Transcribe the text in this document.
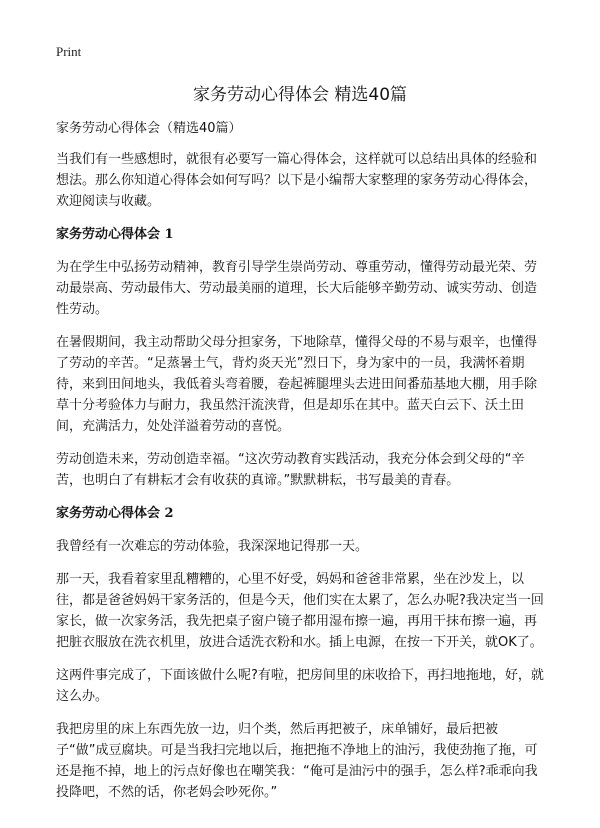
Print
家务劳动心得体会 精选40篇

家务劳动心得体会（精选40篇）

当我们有一些感想时，就很有必要写一篇心得体会，这样就可以总结出具体的经验和想法。那么你知道心得体会如何写吗？以下是小编帮大家整理的家务劳动心得体会，欢迎阅读与收藏。

家务劳动心得体会 1

为在学生中弘扬劳动精神，教育引导学生崇尚劳动、尊重劳动，懂得劳动最光荣、劳动最崇高、劳动最伟大、劳动最美丽的道理，长大后能够辛勤劳动、诚实劳动、创造性劳动。

在暑假期间，我主动帮助父母分担家务，下地除草，懂得父母的不易与艰辛，也懂得了劳动的辛苦。“足蒸暑土气，背灼炎天光”烈日下，身为家中的一员，我满怀着期待，来到田间地头，我低着头弯着腰，卷起裤腿埋头去进田间番茄基地大棚，用手除草十分考验体力与耐力，我虽然汗流浃背，但是却乐在其中。蓝天白云下、沃土田间，充满活力，处处洋溢着劳动的喜悦。

劳动创造未来，劳动创造幸福。“这次劳动教育实践活动，我充分体会到父母的“辛苦，也明白了有耕耘才会有收获的真谛。”默默耕耘，书写最美的青春。

家务劳动心得体会 2

我曾经有一次难忘的劳动体验，我深深地记得那一天。

那一天，我看着家里乱糟糟的，心里不好受，妈妈和爸爸非常累，坐在沙发上，以往，都是爸爸妈妈干家务活的，但是今天，他们实在太累了，怎么办呢?我决定当一回家长，做一次家务活，我先把桌子窗户镜子都用湿布擦一遍，再用干抹布擦一遍，再把脏衣服放在洗衣机里，放进合适洗衣粉和水。插上电源，在按一下开关，就OK了。

这两件事完成了，下面该做什么呢?有啦，把房间里的床收拾下，再扫地拖地，好，就这么办。

我把房里的床上东西先放一边，归个类，然后再把被子，床单铺好，最后把被子“做”成豆腐块。可是当我扫完地以后，拖把拖不净地上的油污，我使劲拖了拖，可还是拖不掉，地上的污点好像也在嘲笑我：“俺可是油污中的强手，怎么样?乖乖向我投降吧，不然的话，你老妈会吵死你。”
